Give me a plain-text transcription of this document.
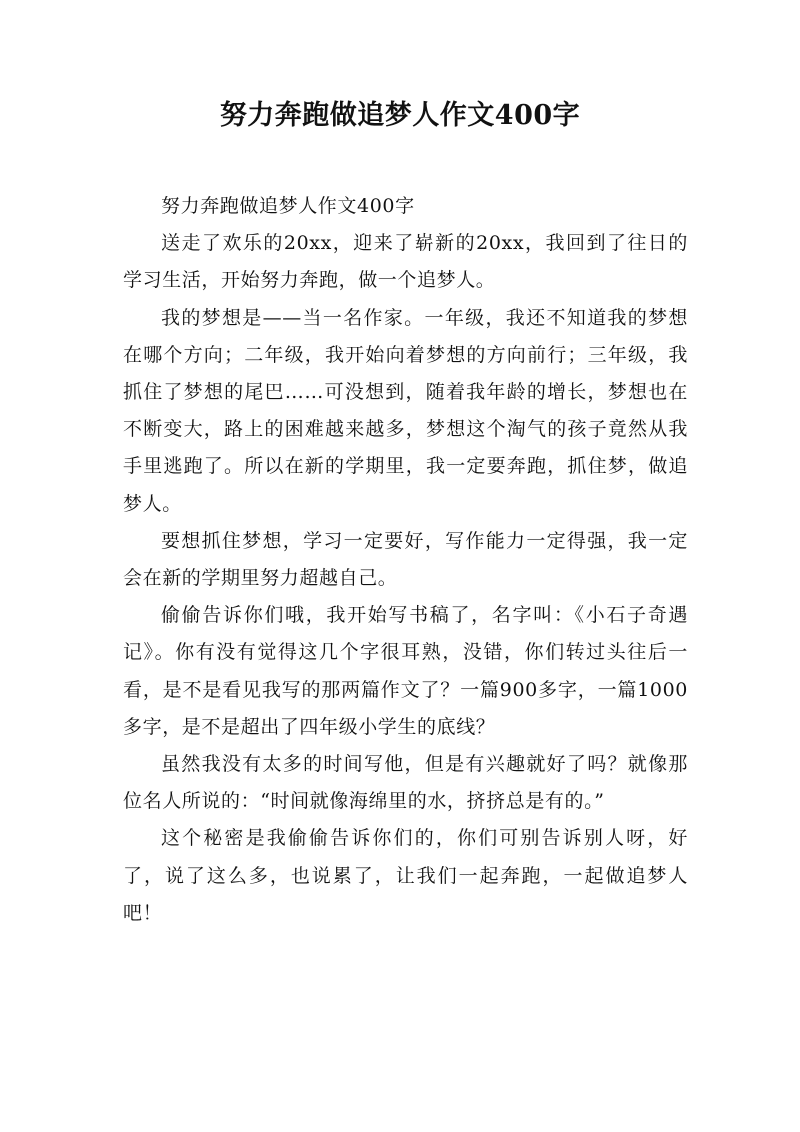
努力奔跑做追梦人作文400字

努力奔跑做追梦人作文400字

送走了欢乐的20xx，迎来了崭新的20xx，我回到了往日的学习生活，开始努力奔跑，做一个追梦人。

我的梦想是——当一名作家。一年级，我还不知道我的梦想在哪个方向；二年级，我开始向着梦想的方向前行；三年级，我抓住了梦想的尾巴……可没想到，随着我年龄的增长，梦想也在不断变大，路上的困难越来越多，梦想这个淘气的孩子竟然从我手里逃跑了。所以在新的学期里，我一定要奔跑，抓住梦，做追梦人。

要想抓住梦想，学习一定要好，写作能力一定得强，我一定会在新的学期里努力超越自己。

偷偷告诉你们哦，我开始写书稿了，名字叫：《小石子奇遇记》。你有没有觉得这几个字很耳熟，没错，你们转过头往后一看，是不是看见我写的那两篇作文了？一篇900多字，一篇1000多字，是不是超出了四年级小学生的底线？

虽然我没有太多的时间写他，但是有兴趣就好了吗？就像那位名人所说的：“时间就像海绵里的水，挤挤总是有的。”

这个秘密是我偷偷告诉你们的，你们可别告诉别人呀，好了，说了这么多，也说累了，让我们一起奔跑，一起做追梦人吧！
